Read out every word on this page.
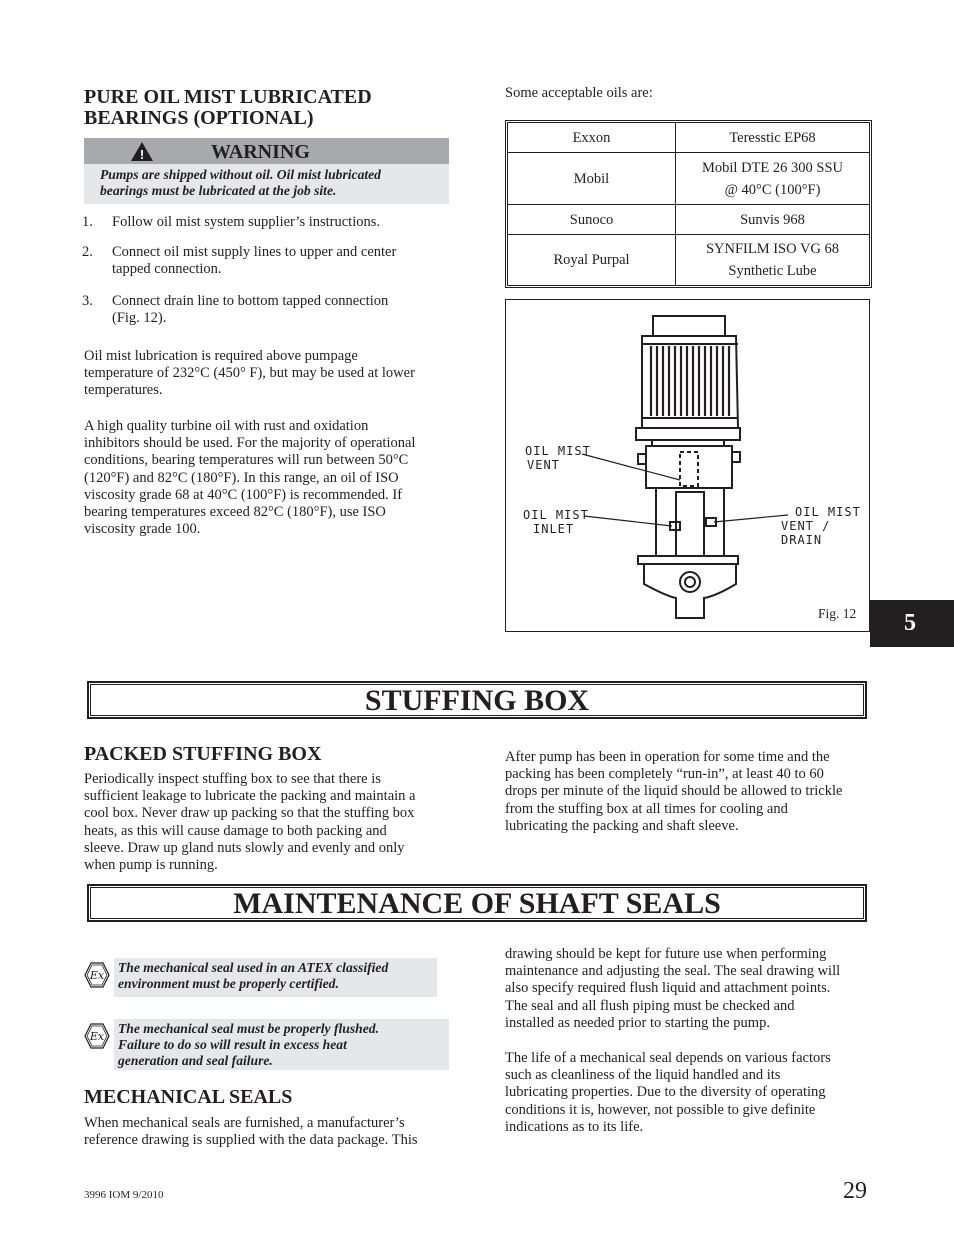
PURE OIL MIST LUBRICATED
BEARINGS (OPTIONAL)
!	WARNING
Pumps are shipped without oil. Oil mist lubricated
bearings must be lubricated at the job site.
1. Follow oil mist system supplier’s instructions.
2. Connect oil mist supply lines to upper and center
tapped connection.
3. Connect drain line to bottom tapped connection
(Fig. 12).
Oil mist lubrication is required above pumpage
temperature of 232°C (450° F), but may be used at lower
temperatures.
A high quality turbine oil with rust and oxidation
inhibitors should be used. For the majority of operational
conditions, bearing temperatures will run between 50°C
(120°F) and 82°C (180°F). In this range, an oil of ISO
viscosity grade 68 at 40°C (100°F) is recommended. If
bearing temperatures exceed 82°C (180°F), use ISO
viscosity grade 100.
Some acceptable oils are:
Exxon	Teresstic EP68
Mobil	Mobil DTE 26 300 SSU
@ 40°C (100°F)

Sunoco	Sunvis 968
Royal Purpal	SYNFILM ISO VG 68
Synthetic Lube
OIL MIST
VENT
OIL MIST
INLET
OIL MIST
VENT / DRAIN
Fig. 12	5
STUFFING BOX
PACKED STUFFING BOX
Periodically inspect stuffing box to see that there is
sufficient leakage to lubricate the packing and maintain a
cool box. Never draw up packing so that the stuffing box
heats, as this will cause damage to both packing and
sleeve. Draw up gland nuts slowly and evenly and only
when pump is running.
After pump has been in operation for some time and the
packing has been completely “run-in”, at least 40 to 60
drops per minute of the liquid should be allowed to trickle
from the stuffing box at all times for cooling and
lubricating the packing and shaft sleeve.
MAINTENANCE OF SHAFT SEALS
Ex
The mechanical seal used in an ATEX classified
environment must be properly certified.
Ex
The mechanical seal must be properly flushed.
Failure to do so will result in excess heat
generation and seal failure.
MECHANICAL SEALS
When mechanical seals are furnished, a manufacturer’s
reference drawing is supplied with the data package. This
drawing should be kept for future use when performing
maintenance and adjusting the seal. The seal drawing will
also specify required flush liquid and attachment points.
The seal and all flush piping must be checked and
installed as needed prior to starting the pump.
The life of a mechanical seal depends on various factors
such as cleanliness of the liquid handled and its
lubricating properties. Due to the diversity of operating
conditions it is, however, not possible to give definite
indications as to its life.
3996 IOM 9/2010	29
